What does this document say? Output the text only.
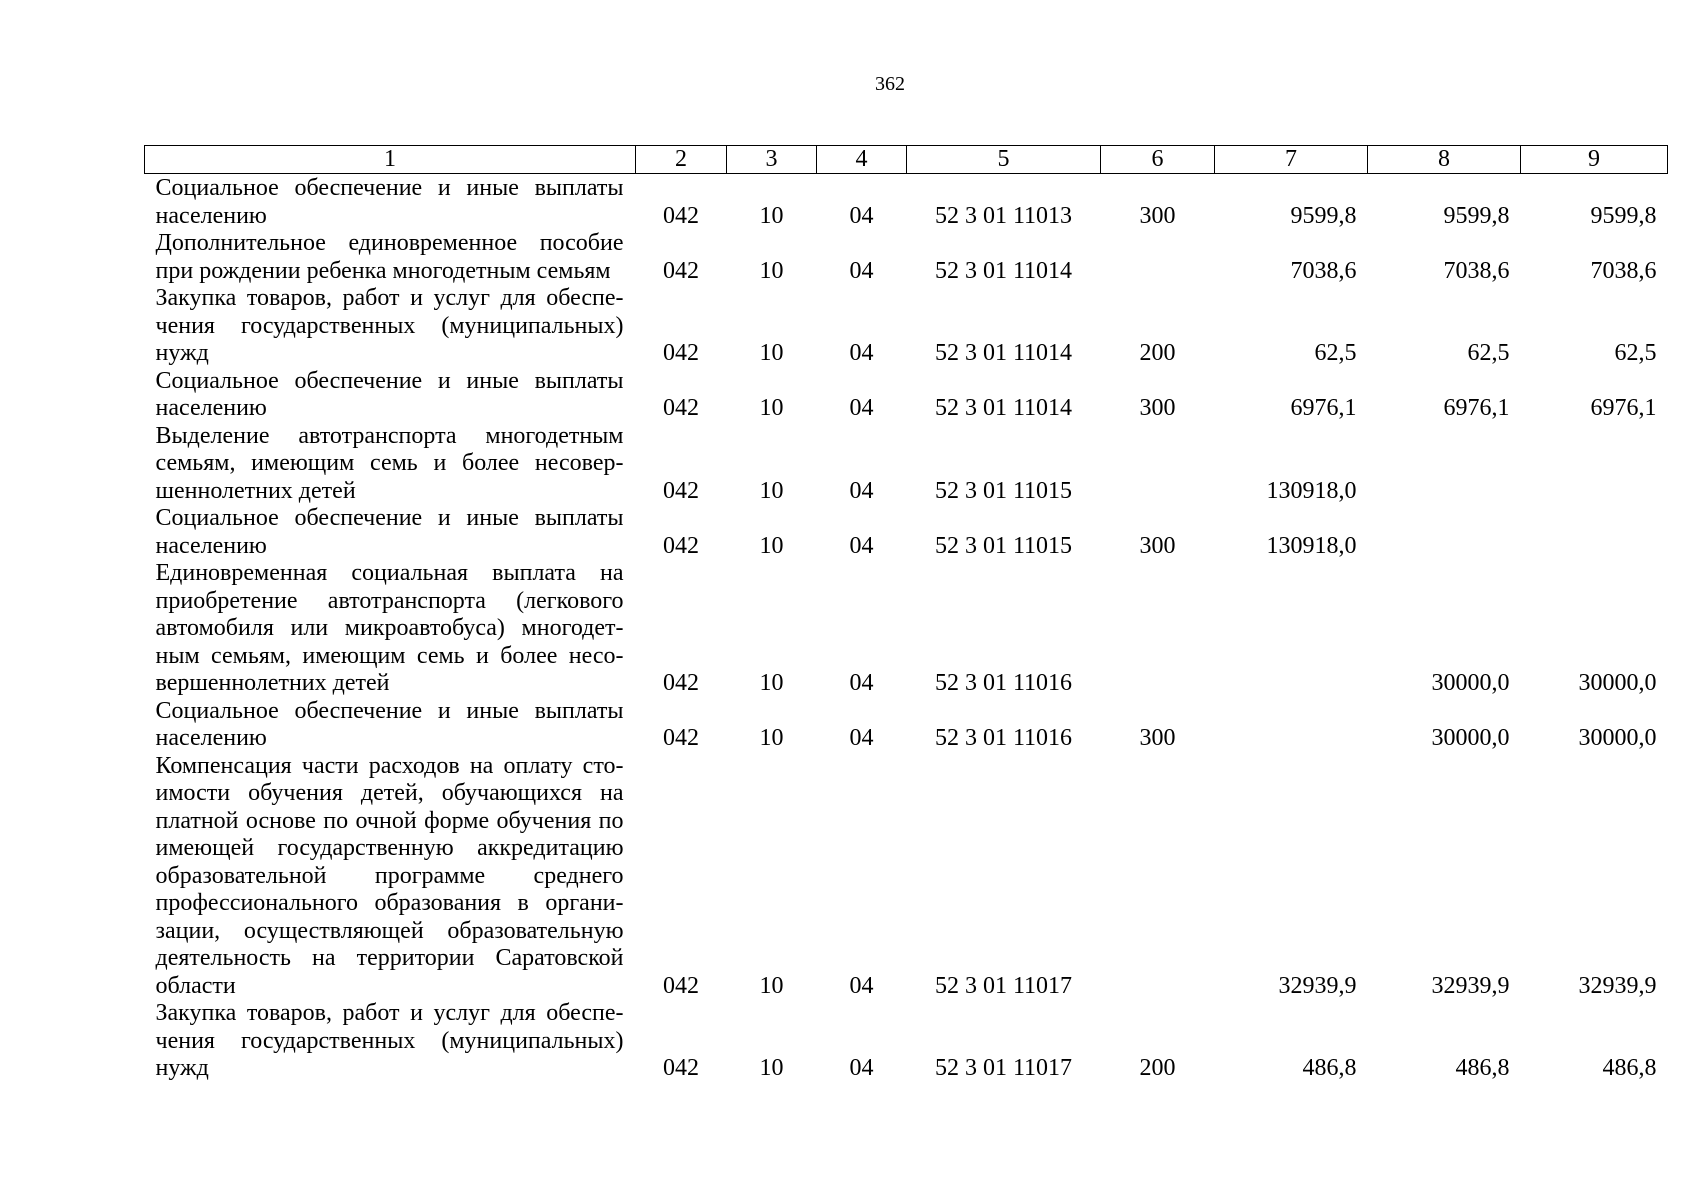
362
1	2	3	4	5	6	7	8	9
Социальное обеспечение и иные выплаты населению	042	10	04	52 3 01 11013	300	9599,8	9599,8	9599,8
Дополнительное единовременное пособие при рождении ребенка многодетным семьям	042	10	04	52 3 01 11014		7038,6	7038,6	7038,6
Закупка товаров, работ и услуг для обеспечения государственных (муниципальных) нужд	042	10	04	52 3 01 11014	200	62,5	62,5	62,5
Социальное обеспечение и иные выплаты населению	042	10	04	52 3 01 11014	300	6976,1	6976,1	6976,1
Выделение автотранспорта многодетным семьям, имеющим семь и более несовершеннолетних детей	042	10	04	52 3 01 11015		130918,0		
Социальное обеспечение и иные выплаты населению	042	10	04	52 3 01 11015	300	130918,0		
Единовременная социальная выплата на приобретение автотранспорта (легкового автомобиля или микроавтобуса) многодетным семьям, имеющим семь и более несовершеннолетних детей	042	10	04	52 3 01 11016			30000,0	30000,0
Социальное обеспечение и иные выплаты населению	042	10	04	52 3 01 11016	300		30000,0	30000,0
Компенсация части расходов на оплату стоимости обучения детей, обучающихся на платной основе по очной форме обучения по имеющей государственную аккредитацию образовательной программе среднего профессионального образования в организации, осуществляющей образовательную деятельность на территории Саратовской области	042	10	04	52 3 01 11017		32939,9	32939,9	32939,9
Закупка товаров, работ и услуг для обеспечения государственных (муниципальных) нужд	042	10	04	52 3 01 11017	200	486,8	486,8	486,8
